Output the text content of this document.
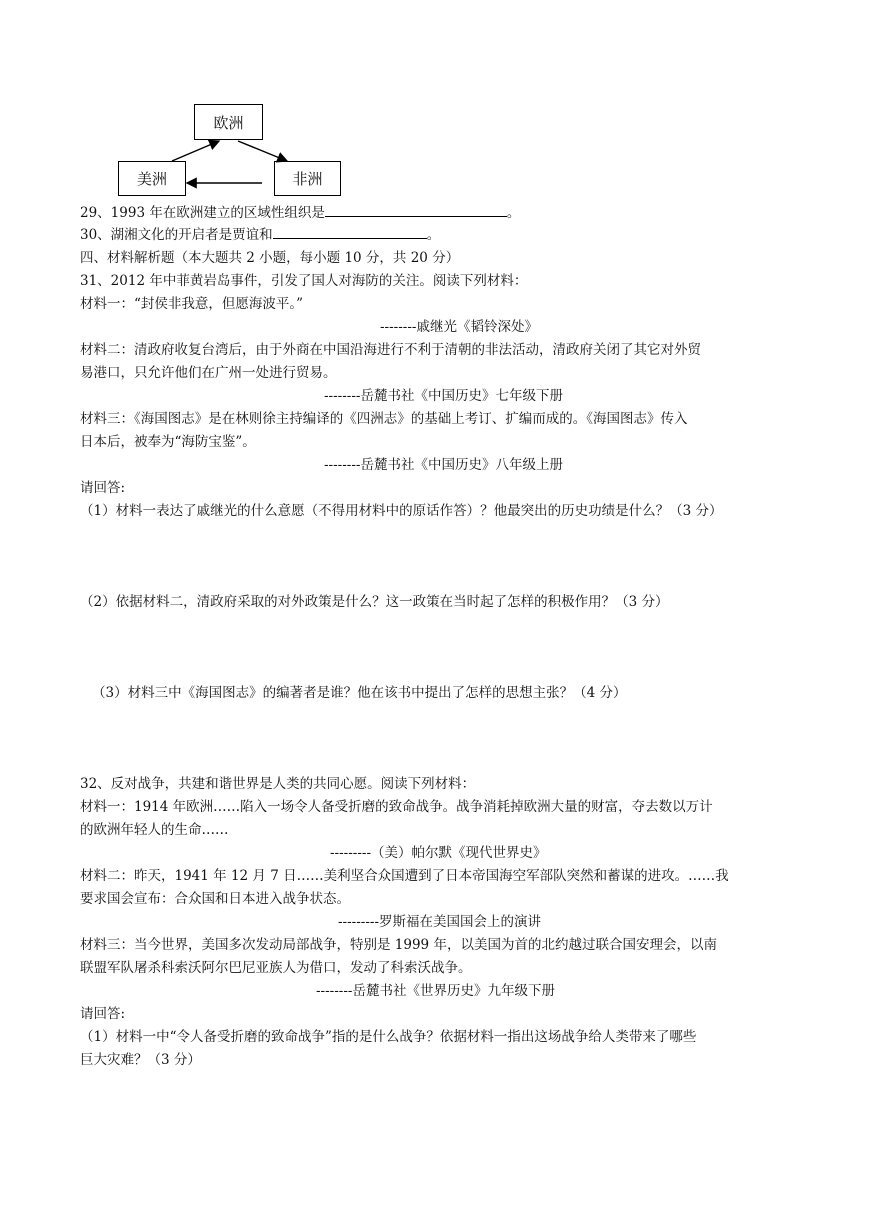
欧洲
美洲	非洲
29、1993 年在欧洲建立的区域性组织是	。
30、湖湘文化的开启者是贾谊和	。
四、材料解析题（本大题共 2 小题，每小题 10 分，共 20 分）
31、2012 年中菲黄岩岛事件，引发了国人对海防的关注。阅读下列材料：
材料一：“封侯非我意，但愿海波平。”
--------戚继光《韬铃深处》
材料二：清政府收复台湾后，由于外商在中国沿海进行不利于清朝的非法活动，清政府关闭了其它对外贸
易港口，只允许他们在广州一处进行贸易。
--------岳麓书社《中国历史》七年级下册
材料三：《海国图志》是在林则徐主持编译的《四洲志》的基础上考订、扩编而成的。《海国图志》传入
日本后，被奉为“海防宝鉴”。
--------岳麓书社《中国历史》八年级上册
请回答:
（1）材料一表达了戚继光的什么意愿（不得用材料中的原话作答）？他最突出的历史功绩是什么？（3 分）
（2）依据材料二，清政府采取的对外政策是什么？这一政策在当时起了怎样的积极作用？（3 分）
（3）材料三中《海国图志》的编著者是谁？他在该书中提出了怎样的思想主张？（4 分）
32、反对战争，共建和谐世界是人类的共同心愿。阅读下列材料：
材料一：1914 年欧洲……陷入一场令人备受折磨的致命战争。战争消耗掉欧洲大量的财富，夺去数以万计
的欧洲年轻人的生命……
---------（美）帕尔默《现代世界史》
材料二：昨天，1941 年 12 月 7 日……美利坚合众国遭到了日本帝国海空军部队突然和蓄谋的进攻。……我
要求国会宣布：合众国和日本进入战争状态。
---------罗斯福在美国国会上的演讲
材料三：当今世界，美国多次发动局部战争，特别是 1999 年，以美国为首的北约越过联合国安理会，以南
联盟军队屠杀科索沃阿尔巴尼亚族人为借口，发动了科索沃战争。
--------岳麓书社《世界历史》九年级下册
请回答:
（1）材料一中“令人备受折磨的致命战争”指的是什么战争？依据材料一指出这场战争给人类带来了哪些
巨大灾难？（3 分）
